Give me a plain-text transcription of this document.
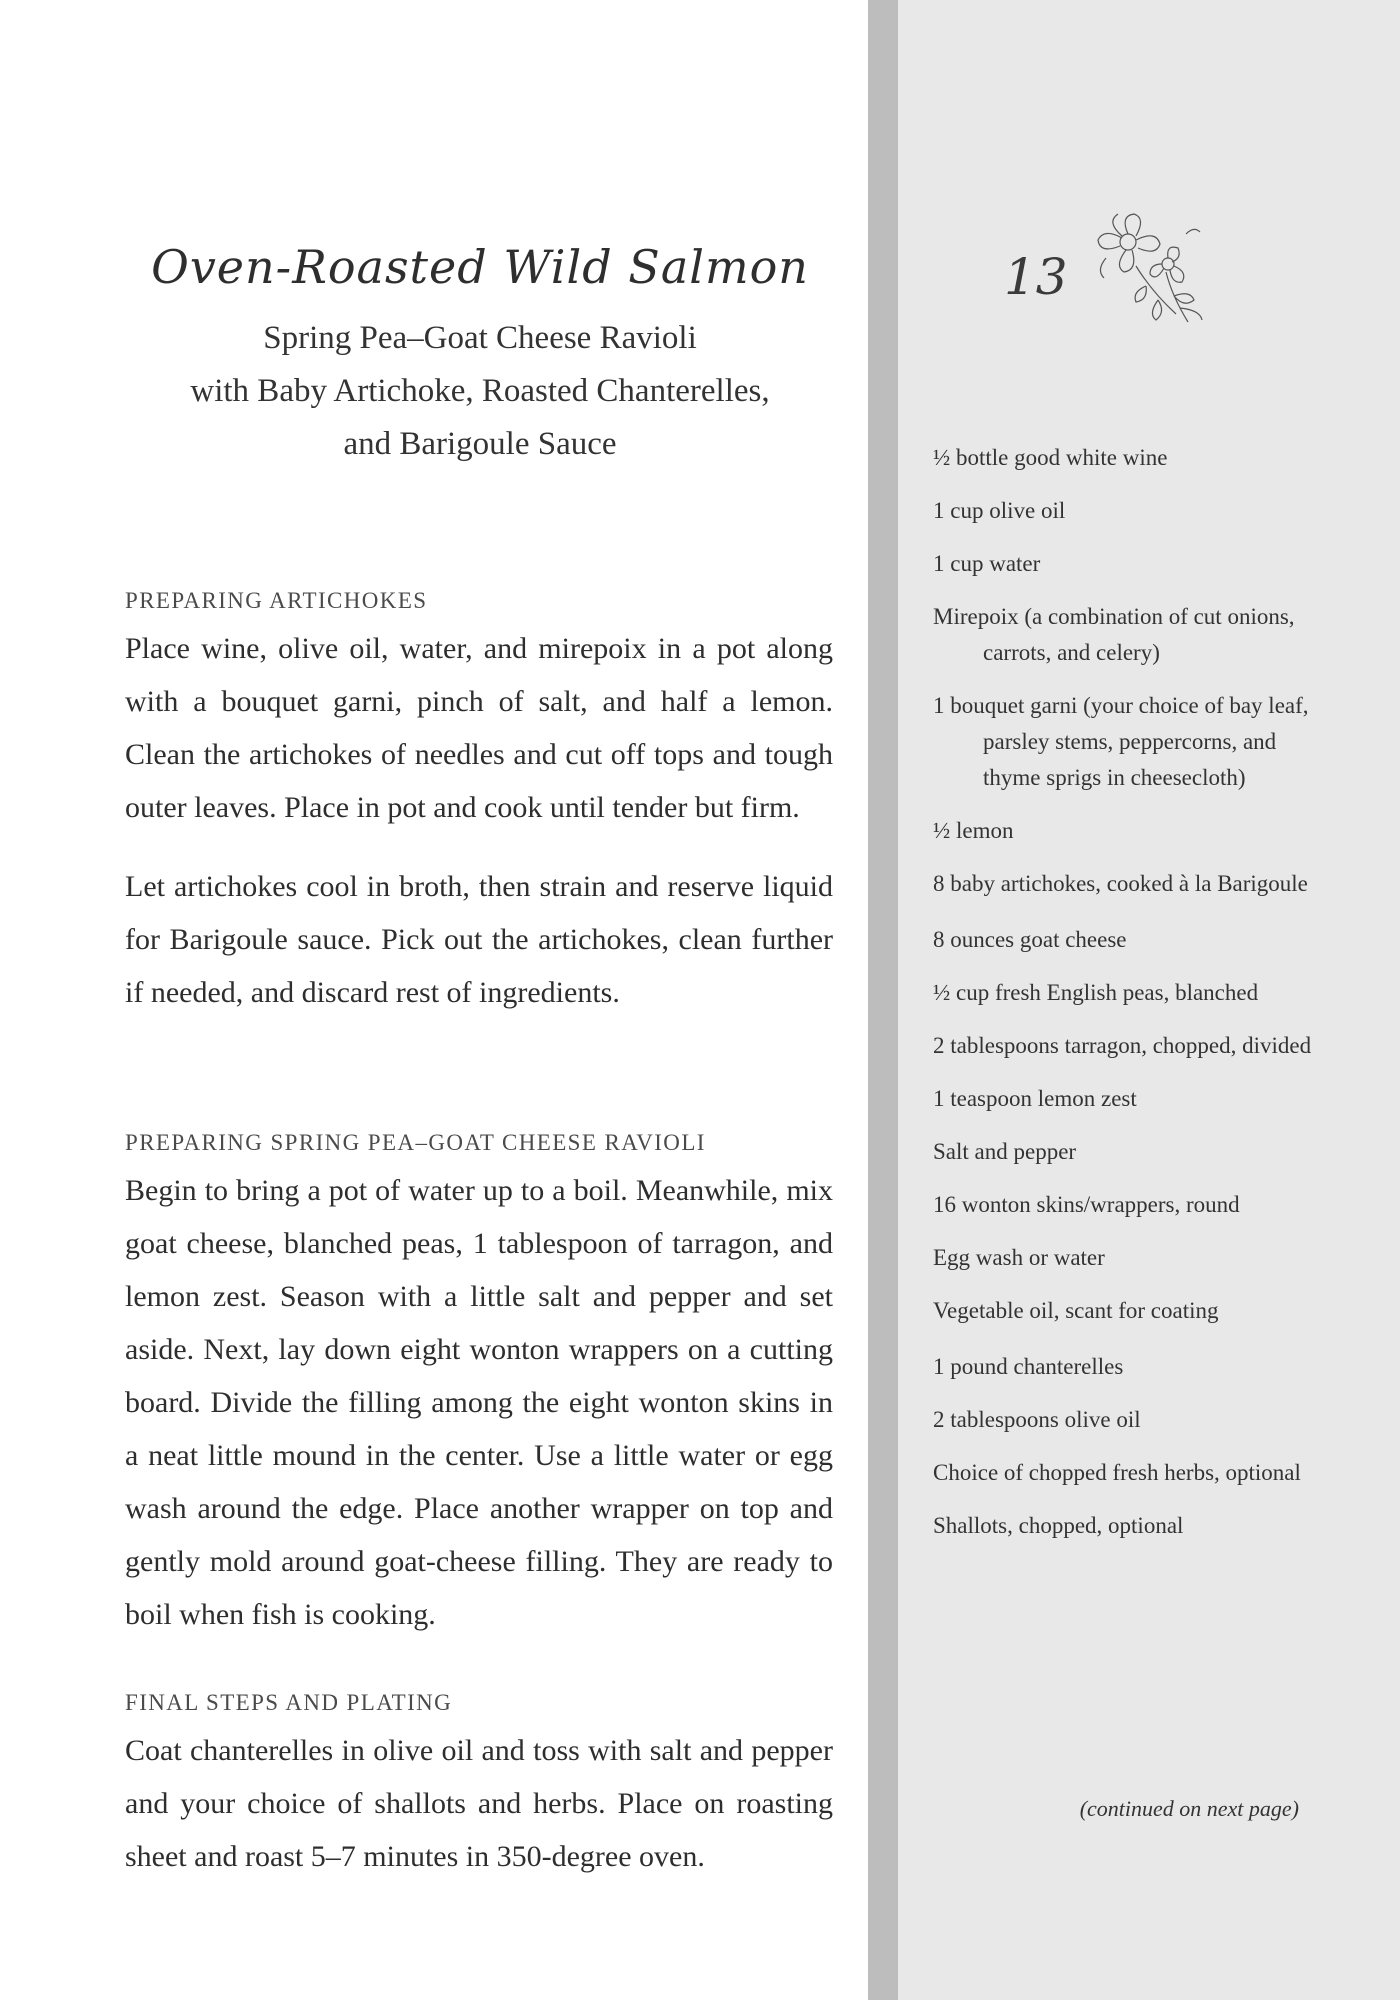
Oven-Roasted Wild Salmon
Spring Pea–Goat Cheese Ravioli
with Baby Artichoke, Roasted Chanterelles,
and Barigoule Sauce
PREPARING ARTICHOKES

Place wine, olive oil, water, and mirepoix in a pot along with a bouquet garni, pinch of salt, and half a lemon. Clean the artichokes of needles and cut off tops and tough outer leaves. Place in pot and cook until tender but firm.

Let artichokes cool in broth, then strain and reserve liquid for Barigoule sauce. Pick out the artichokes, clean further if needed, and discard rest of ingredients.

PREPARING SPRING PEA–GOAT CHEESE RAVIOLI

Begin to bring a pot of water up to a boil. Meanwhile, mix goat cheese, blanched peas, 1 tablespoon of tarragon, and lemon zest. Season with a little salt and pepper and set aside. Next, lay down eight wonton wrappers on a cutting board. Divide the filling among the eight wonton skins in a neat little mound in the center. Use a little water or egg wash around the edge. Place another wrapper on top and gently mold around goat-cheese filling. They are ready to boil when fish is cooking.

FINAL STEPS AND PLATING

Coat chanterelles in olive oil and toss with salt and pepper and your choice of shallots and herbs. Place on roasting sheet and roast 5–7 minutes in 350-degree oven.

13
½ bottle good white wine
1 cup olive oil
1 cup water
Mirepoix (a combination of cut onions, carrots, and celery)
1 bouquet garni (your choice of bay leaf, parsley stems, peppercorns, and thyme sprigs in cheesecloth)
½ lemon
8 baby artichokes, cooked à la Barigoule
8 ounces goat cheese
½ cup fresh English peas, blanched
2 tablespoons tarragon, chopped, divided
1 teaspoon lemon zest
Salt and pepper
16 wonton skins/wrappers, round
Egg wash or water
Vegetable oil, scant for coating
1 pound chanterelles
2 tablespoons olive oil
Choice of chopped fresh herbs, optional
Shallots, chopped, optional

(continued on next page)
